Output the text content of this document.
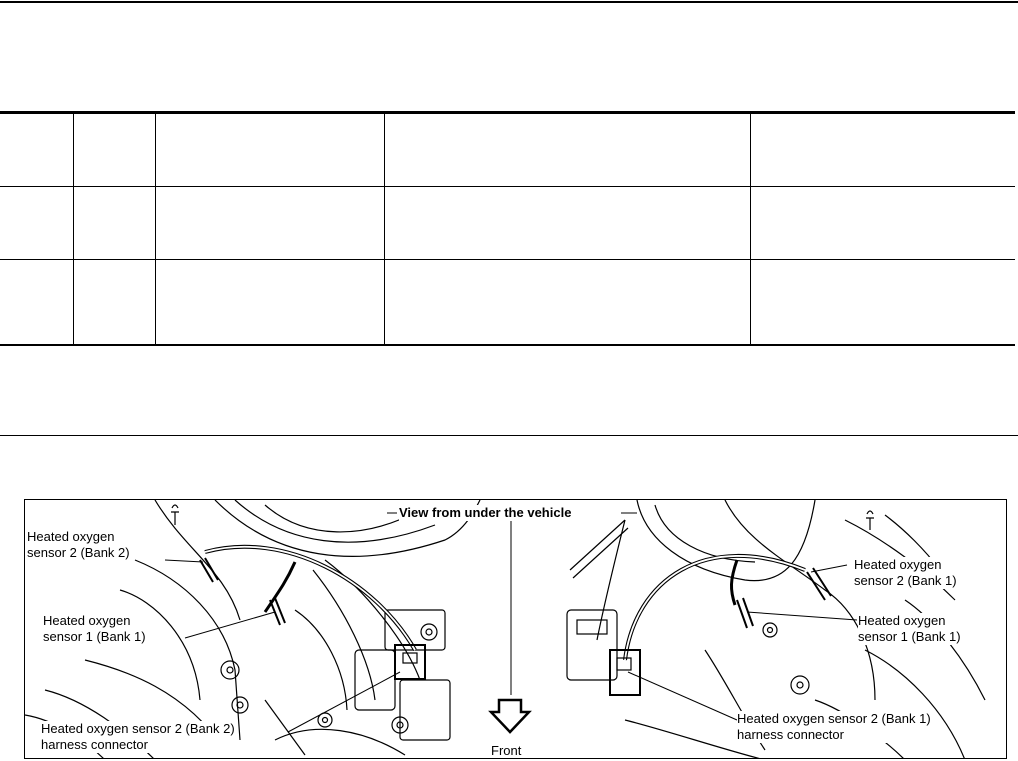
View from under the vehicle
Heated oxygen
sensor 2 (Bank 2)
Heated oxygen
sensor 1 (Bank 1)
Heated oxygen sensor 2 (Bank 2)
harness connector
Heated oxygen
sensor 2 (Bank 1)
Heated oxygen
sensor 1 (Bank 1)
Heated oxygen sensor 2 (Bank 1)
harness connector
Front
